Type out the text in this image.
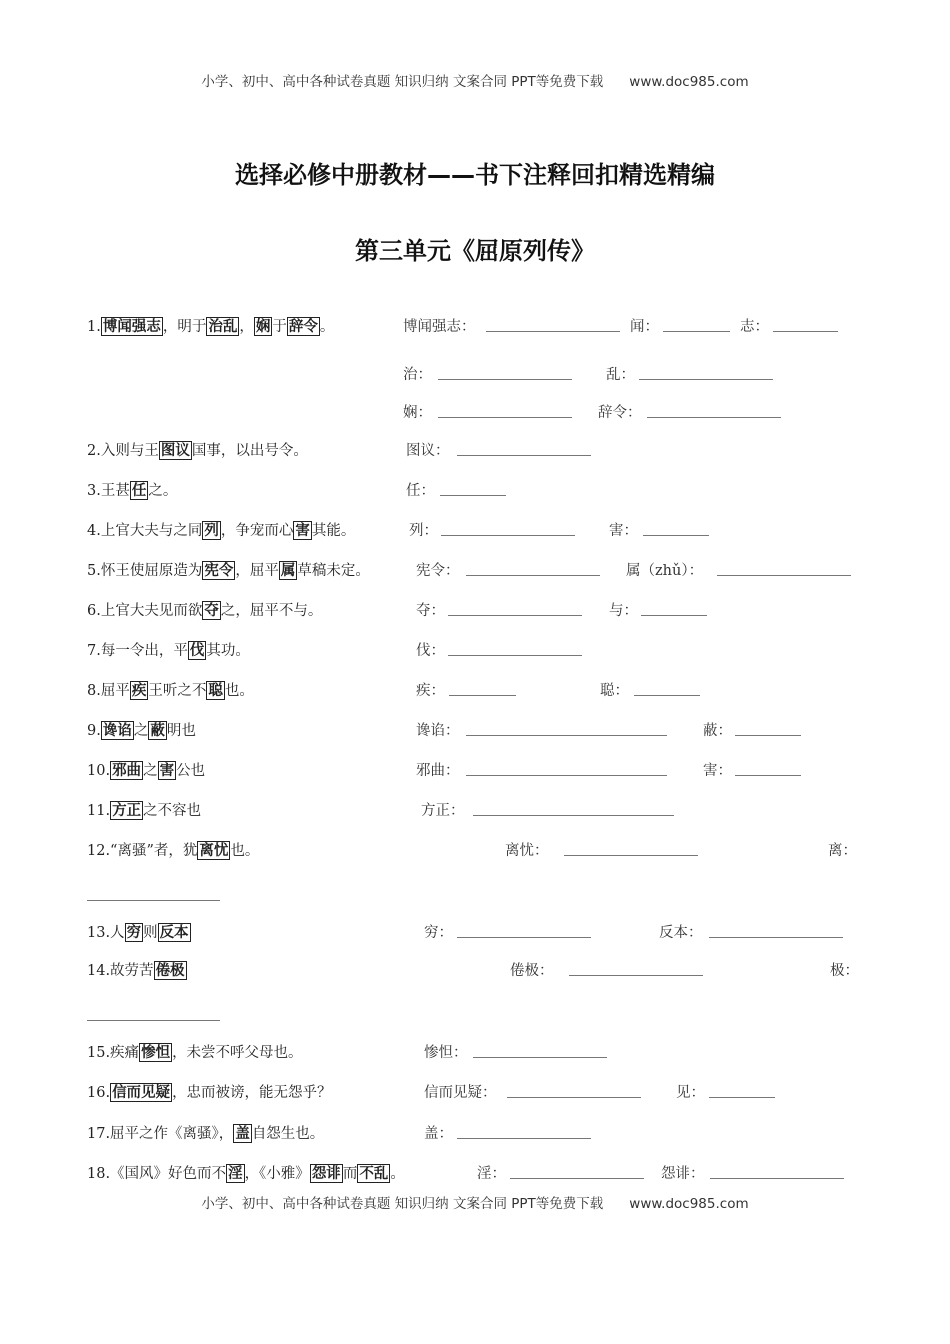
小学、初中、高中各种试卷真题 知识归纳 文案合同 PPT等免费下载 www.doc985.com
选择必修中册教材——书下注释回扣精选精编
第三单元《屈原列传》
1. 博闻强志 ，明于 治乱 ， 娴 于 辞令 。	博闻强志：	闻：	志：
治：	乱：
娴：	辞令：
2.入则与王 图议 国事，以出号令。	图议：
3.王甚 任 之。	任：
4.上官大夫与之同 列 ，争宠而心 害 其能。	列：	害：
5.怀王使屈原造为 宪令 ，屈平 属 草稿未定。	宪令：	属（zhǔ）：
6.上官大夫见而欲 夺 之，屈平不与。	夺：	与：
7.每一令出，平 伐 其功。	伐：
8.屈平 疾 王听之不 聪 也。	疾：	聪：
9. 谗谄 之 蔽 明也	谗谄：	蔽：
10. 邪曲 之 害 公也	邪曲：	害：
11. 方正 之不容也	方正：
12.“离骚”者，犹 离忧 也。	离忧：	离：
13.人 穷 则 反本	穷：	反本：
14.故劳苦 倦极	倦极：	极：
15.疾痛 惨怛 ，未尝不呼父母也。	惨怛：
16. 信而见疑 ，忠而被谤，能无怨乎？	信而见疑：	见：
17.屈平之作《离骚》， 盖 自怨生也。	盖：
18.《国风》好色而不 淫 ，《小雅》 怨诽 而 不乱 。	淫：	怨诽：
小学、初中、高中各种试卷真题 知识归纳 文案合同 PPT等免费下载 www.doc985.com
